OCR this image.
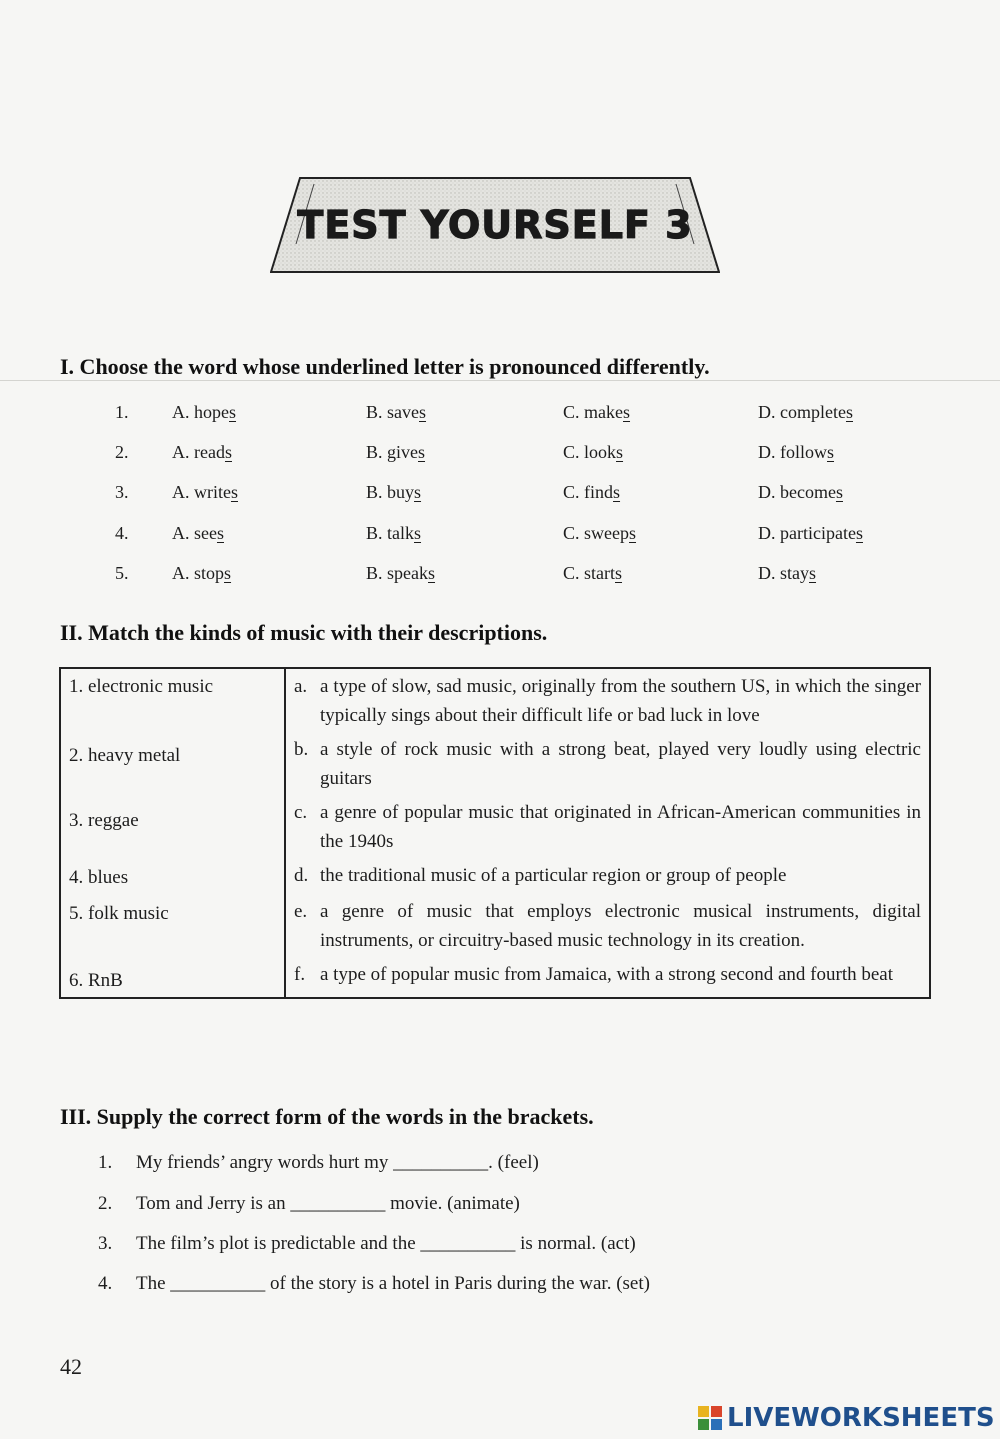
TEST YOURSELF 3
I. Choose the word whose underlined letter is pronounced differently.
1. A. hopes	B. saves	C. makes	D. completes
2. A. reads	B. gives	C. looks	D. follows
3. A. writes	B. buys	C. finds	D. becomes
4. A. sees	B. talks	C. sweeps	D. participates
5. A. stops	B. speaks	C. starts	D. stays
II. Match the kinds of music with their descriptions.
1. electronic music	a. a type of slow, sad music, originally from the southern US, in which the singer typically sings about their difficult life or bad luck in love

2. heavy metal	b. a style of rock music with a strong beat, played very loudly using electric guitars

3. reggae	c. a genre of popular music that originated in African-American communities in the 1940s

4. blues	d. the traditional music of a particular region or group of people

5. folk music	e. a genre of music that employs electronic musical instruments, digital instruments, or circuitry-based music technology in its creation.

6. RnB	f. a type of popular music from Jamaica, with a strong second and fourth beat
III. Supply the correct form of the words in the brackets.
1. My friends’ angry words hurt my __________. (feel)
2. Tom and Jerry is an __________ movie. (animate)
3. The film’s plot is predictable and the __________ is normal. (act)
4. The __________ of the story is a hotel in Paris during the war. (set)
42
LIVEWORKSHEETS
